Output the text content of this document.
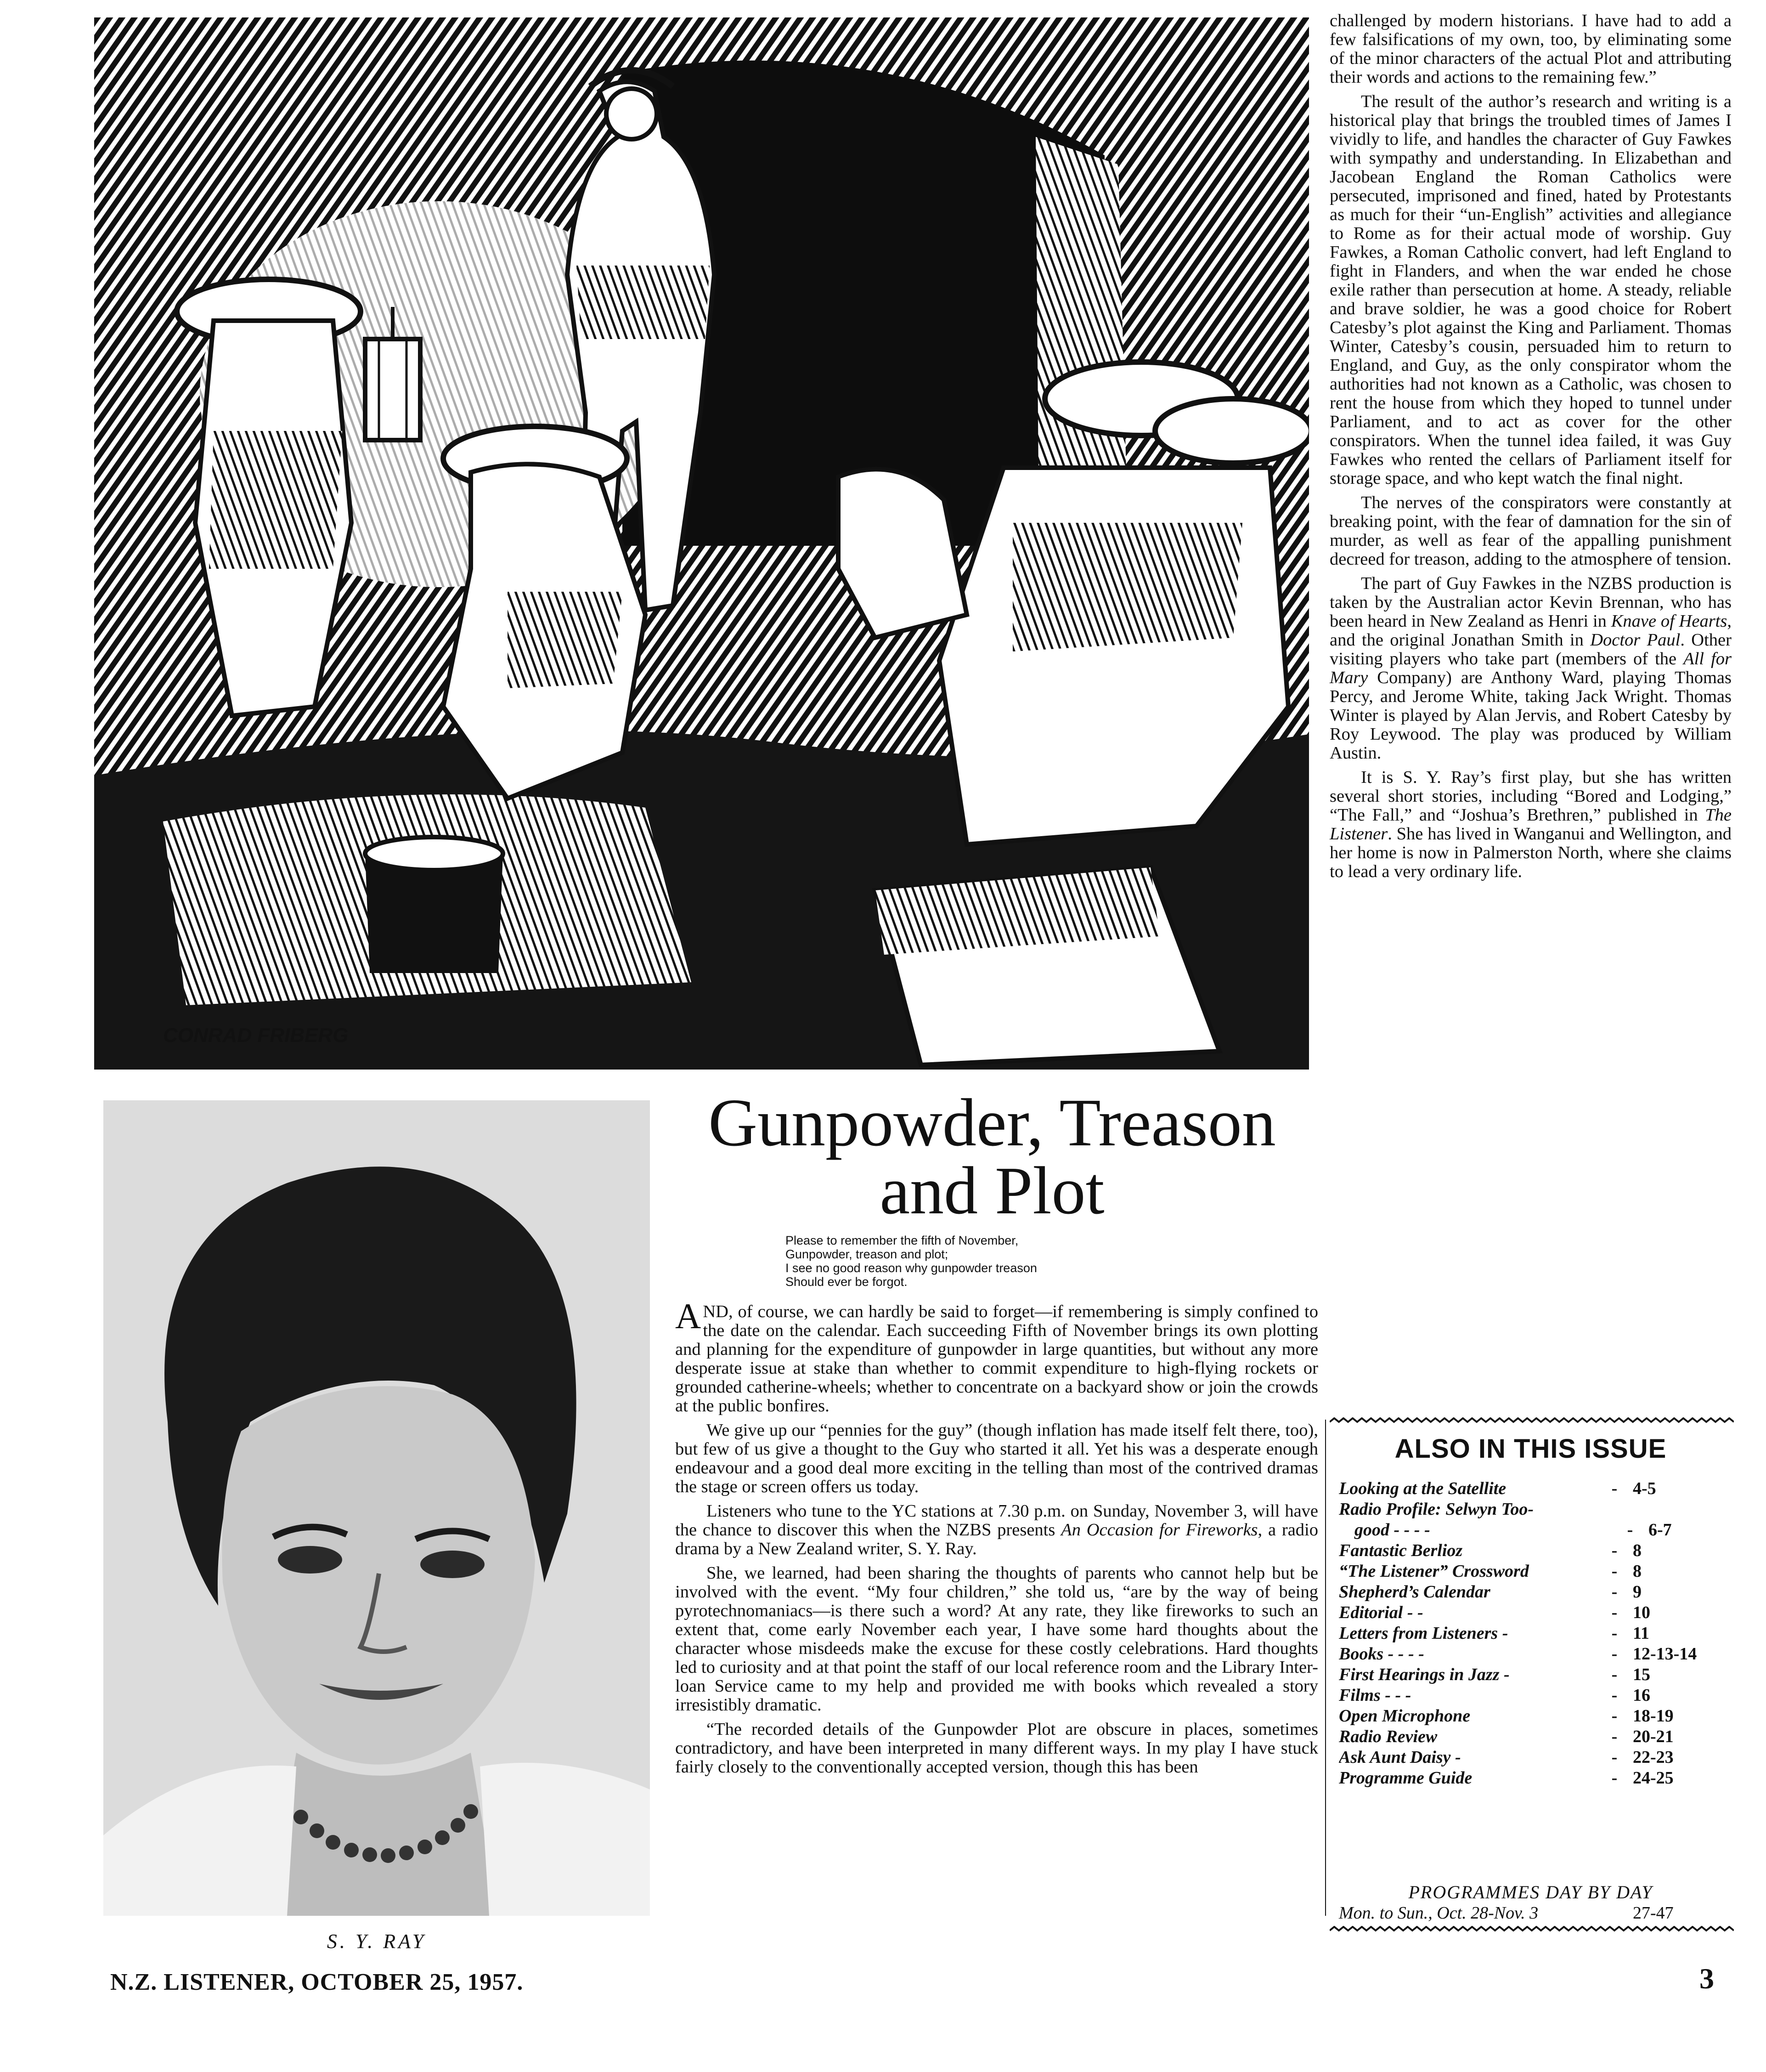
CONRAD FRIBERG
S. Y. RAY
N.Z. LISTENER, OCTOBER 25, 1957.	3
Gunpowder, Treason
and Plot
Please to remember the fifth of November,
Gunpowder, treason and plot;
I see no good reason why gunpowder treason
Should ever be forgot.

AND, of course, we can hardly be said to forget—if remembering is simply confined to the date on the calendar. Each succeeding Fifth of November brings its own plotting and planning for the expenditure of gunpowder in large quantities, but without any more desperate issue at stake than whether to commit expenditure to high-flying rockets or grounded catherine-wheels; whether to concentrate on a backyard show or join the crowds at the public bonfires.

We give up our “pennies for the guy” (though inflation has made itself felt there, too), but few of us give a thought to the Guy who started it all. Yet his was a desperate enough endeavour and a good deal more exciting in the telling than most of the contrived dramas the stage or screen offers us today.

Listeners who tune to the YC stations at 7.30 p.m. on Sunday, November 3, will have the chance to discover this when the NZBS presents An Occasion for Fireworks, a radio drama by a New Zealand writer, S. Y. Ray.

She, we learned, had been sharing the thoughts of parents who cannot help but be involved with the event. “My four children,” she told us, “are by the way of being pyrotechnomaniacs—is there such a word? At any rate, they like fireworks to such an extent that, come early November each year, I have some hard thoughts about the character whose misdeeds make the excuse for these costly celebrations. Hard thoughts led to curiosity and at that point the staff of our local reference room and the Library Inter-loan Service came to my help and provided me with books which revealed a story irresistibly dramatic.

“The recorded details of the Gunpowder Plot are obscure in places, sometimes contradictory, and have been interpreted in many different ways. In my play I have stuck fairly closely to the conventionally accepted version, though this has been

challenged by modern historians. I have had to add a few falsifications of my own, too, by eliminating some of the minor characters of the actual Plot and attributing their words and actions to the remaining few.”

The result of the author’s research and writing is a historical play that brings the troubled times of James I vividly to life, and handles the character of Guy Fawkes with sympathy and understanding. In Elizabethan and Jacobean England the Roman Catholics were persecuted, imprisoned and fined, hated by Protestants as much for their “un-English” activities and allegiance to Rome as for their actual mode of worship. Guy Fawkes, a Roman Catholic convert, had left England to fight in Flanders, and when the war ended he chose exile rather than persecution at home. A steady, reliable and brave soldier, he was a good choice for Robert Catesby’s plot against the King and Parliament. Thomas Winter, Catesby’s cousin, persuaded him to return to England, and Guy, as the only conspirator whom the authorities had not known as a Catholic, was chosen to rent the house from which they hoped to tunnel under Parliament, and to act as cover for the other conspirators. When the tunnel idea failed, it was Guy Fawkes who rented the cellars of Parliament itself for storage space, and who kept watch the final night.

The nerves of the conspirators were constantly at breaking point, with the fear of damnation for the sin of murder, as well as fear of the appalling punishment decreed for treason, adding to the atmosphere of tension.

The part of Guy Fawkes in the NZBS production is taken by the Australian actor Kevin Brennan, who has been heard in New Zealand as Henri in Knave of Hearts, and the original Jonathan Smith in Doctor Paul. Other visiting players who take part (members of the All for Mary Company) are Anthony Ward, playing Thomas Percy, and Jerome White, taking Jack Wright. Thomas Winter is played by Alan Jervis, and Robert Catesby by Roy Leywood. The play was produced by William Austin.

It is S. Y. Ray’s first play, but she has written several short stories, including “Bored and Lodging,” “The Fall,” and “Joshua’s Brethren,” published in The Listener. She has lived in Wanganui and Wellington, and her home is now in Palmerston North, where she claims to lead a very ordinary life.

ALSO IN THIS ISSUE
Looking at the Satellite	- 4-5
Radio Profile: Selwyn Too-
good - - - -	- 6-7
Fantastic Berlioz	- 8
“The Listener” Crossword	- 8
Shepherd’s Calendar	- 9
Editorial - -	- 10
Letters from Listeners -	- 11
Books - - - -	- 12-13-14
First Hearings in Jazz -	- 15
Films - - -	- 16
Open Microphone	- 18-19
Radio Review	- 20-21
Ask Aunt Daisy -	- 22-23
Programme Guide	- 24-25
PROGRAMMES DAY BY DAY
Mon. to Sun., Oct. 28-Nov. 3	27-47
